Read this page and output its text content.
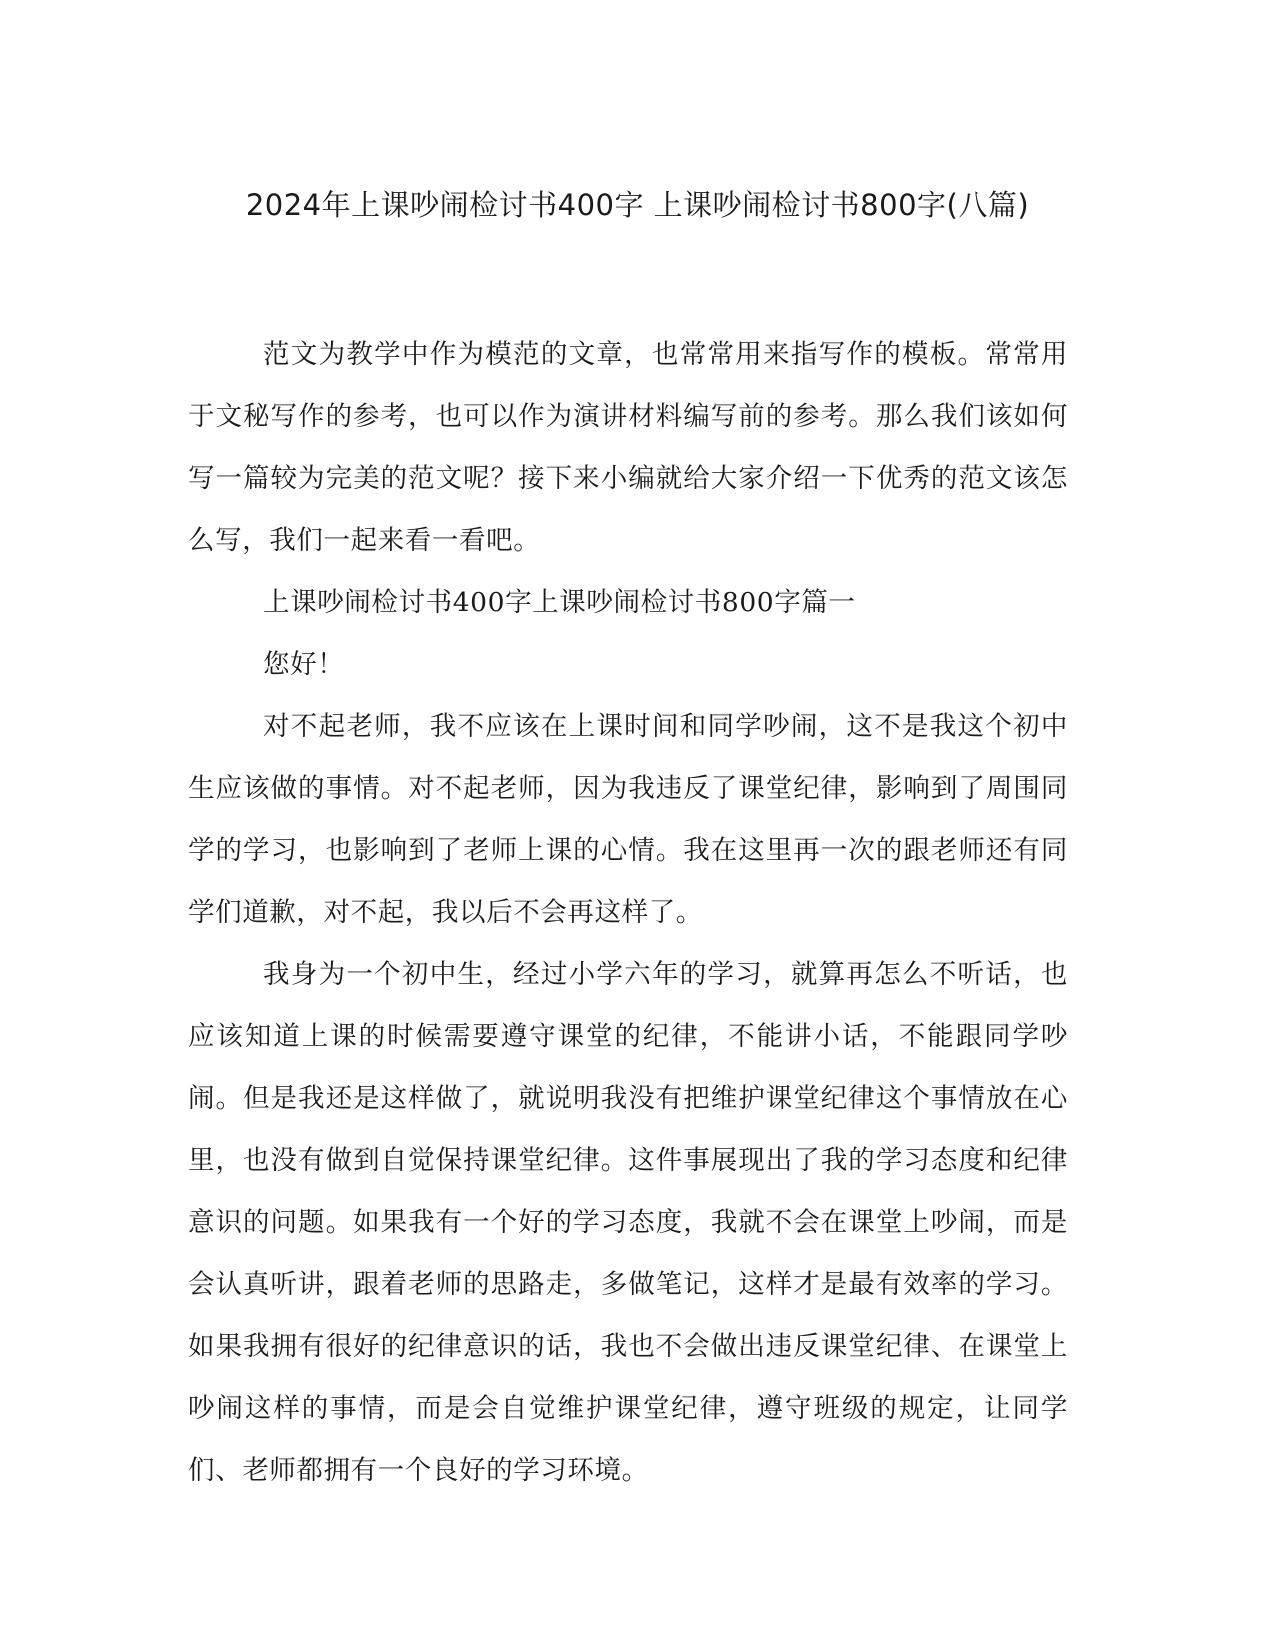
2024年上课吵闹检讨书400字 上课吵闹检讨书800字(八篇)

范文为教学中作为模范的文章，也常常用来指写作的模板。常常用于文秘写作的参考，也可以作为演讲材料编写前的参考。那么我们该如何写一篇较为完美的范文呢？接下来小编就给大家介绍一下优秀的范文该怎么写，我们一起来看一看吧。

上课吵闹检讨书400字上课吵闹检讨书800字篇一

您好！

对不起老师，我不应该在上课时间和同学吵闹，这不是我这个初中生应该做的事情。对不起老师，因为我违反了课堂纪律，影响到了周围同学的学习，也影响到了老师上课的心情。我在这里再一次的跟老师还有同学们道歉，对不起，我以后不会再这样了。

我身为一个初中生，经过小学六年的学习，就算再怎么不听话，也应该知道上课的时候需要遵守课堂的纪律，不能讲小话，不能跟同学吵闹。但是我还是这样做了，就说明我没有把维护课堂纪律这个事情放在心里，也没有做到自觉保持课堂纪律。这件事展现出了我的学习态度和纪律意识的问题。如果我有一个好的学习态度，我就不会在课堂上吵闹，而是会认真听讲，跟着老师的思路走，多做笔记，这样才是最有效率的学习。如果我拥有很好的纪律意识的话，我也不会做出违反课堂纪律、在课堂上吵闹这样的事情，而是会自觉维护课堂纪律，遵守班级的规定，让同学们、老师都拥有一个良好的学习环境。
